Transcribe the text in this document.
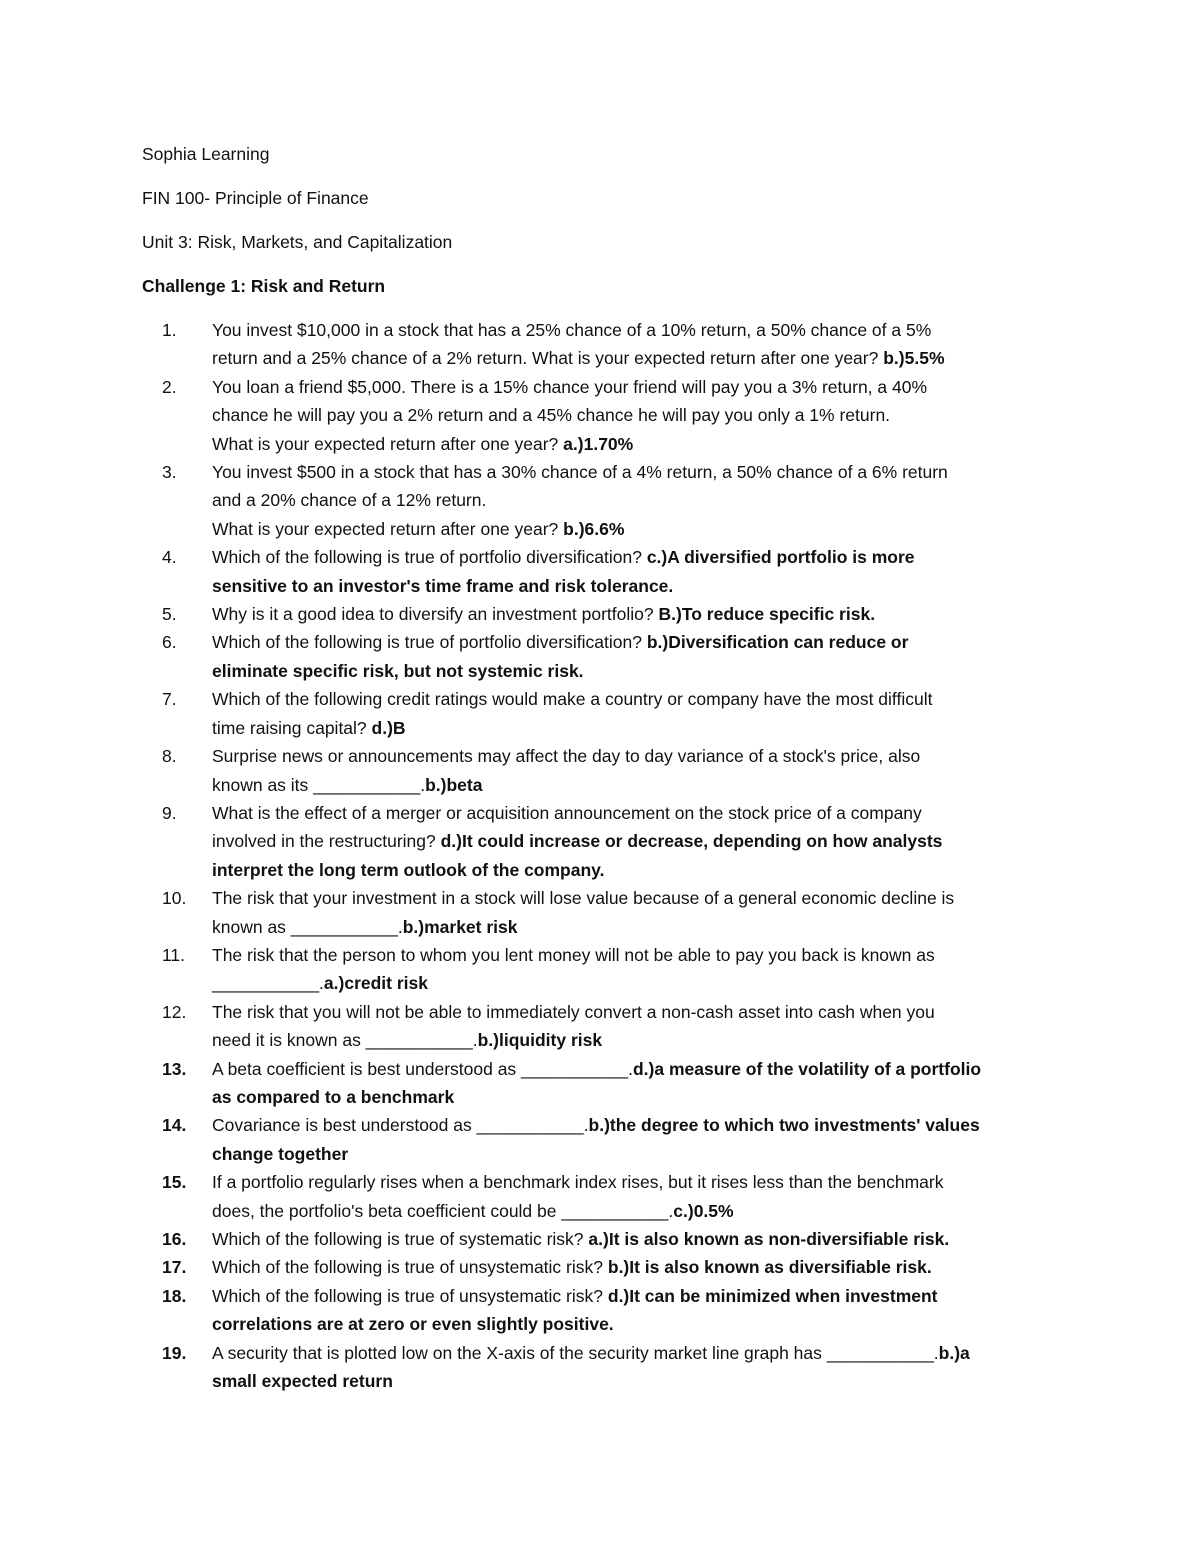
Sophia Learning

FIN 100- Principle of Finance

Unit 3: Risk, Markets, and Capitalization

Challenge 1: Risk and Return

1.	You invest $10,000 in a stock that has a 25% chance of a 10% return, a 50% chance of a 5%
return and a 25% chance of a 2% return. What is your expected return after one year? b.)5.5%
2.	You loan a friend $5,000. There is a 15% chance your friend will pay you a 3% return, a 40%
chance he will pay you a 2% return and a 45% chance he will pay you only a 1% return.
What is your expected return after one year? a.)1.70%
3.	You invest $500 in a stock that has a 30% chance of a 4% return, a 50% chance of a 6% return
and a 20% chance of a 12% return.
What is your expected return after one year? b.)6.6%
4.	Which of the following is true of portfolio diversification? c.)A diversified portfolio is more
sensitive to an investor's time frame and risk tolerance.
5.	Why is it a good idea to diversify an investment portfolio? B.)To reduce specific risk.
6.	Which of the following is true of portfolio diversification? b.)Diversification can reduce or
eliminate specific risk, but not systemic risk.
7.	Which of the following credit ratings would make a country or company have the most difficult
time raising capital? d.)B
8.	Surprise news or announcements may affect the day to day variance of a stock's price, also
known as its ___________.b.)beta
9.	What is the effect of a merger or acquisition announcement on the stock price of a company
involved in the restructuring? d.)It could increase or decrease, depending on how analysts
interpret the long term outlook of the company.
10.	The risk that your investment in a stock will lose value because of a general economic decline is
known as ___________.b.)market risk
11.	The risk that the person to whom you lent money will not be able to pay you back is known as
___________.a.)credit risk
12.	The risk that you will not be able to immediately convert a non-cash asset into cash when you
need it is known as ___________.b.)liquidity risk
13.	A beta coefficient is best understood as ___________.d.)a measure of the volatility of a portfolio
as compared to a benchmark
14.	Covariance is best understood as ___________.b.)the degree to which two investments' values
change together
15.	If a portfolio regularly rises when a benchmark index rises, but it rises less than the benchmark
does, the portfolio's beta coefficient could be ___________.c.)0.5%
16.	Which of the following is true of systematic risk? a.)It is also known as non-diversifiable risk.
17.	Which of the following is true of unsystematic risk? b.)It is also known as diversifiable risk.
18.	Which of the following is true of unsystematic risk? d.)It can be minimized when investment
correlations are at zero or even slightly positive.
19.	A security that is plotted low on the X-axis of the security market line graph has ___________.b.)a
small expected return
